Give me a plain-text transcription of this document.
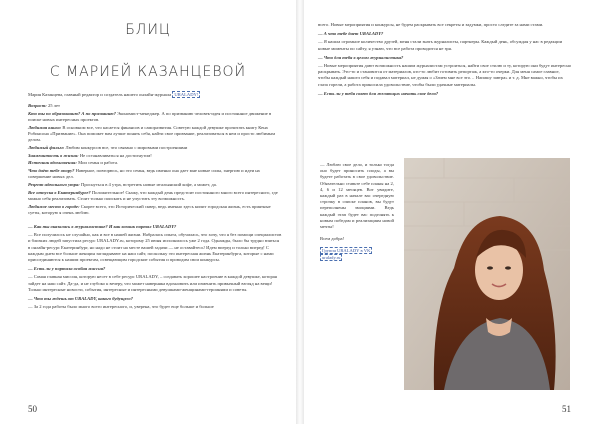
БЛИЦ
С МАРИЕЙ КАЗАНЦЕВОЙ

Мария Казанцева, главный редактор и создатель нашего онлайн-журнала URALADY!

Возраст: 25 лет

Кто ты по образованию? А по призванию? Экономист-менеджер. А по призванию человек-идея и постоянное движение в поиске новых интересных проектов.

Любимая книга: В основном все, что касается финансов и саморазвития. Советую каждой девушке прочитать книгу Кена Робинсона «Призвание». Она поможет вам лучше понять себя, найти свое призвание, реализоваться в нем и просто любимым делом.

Любимый фильм: Любим конкурсов все, что связано с мировыми построениями

Знаменитость в жизни: Не останавливаться на достигнутом!

Источник вдохновения: Мои семья и работа.

Что даёт тебе опору? Наверное, повторюсь, но это семья, ведь именно она дает мне новые силы, энергию и идеи на совершение новых дел.

Рецепт идеального утра: Проснуться в 4 утра, встретить новые итальянский кофе, а может, да.

Все отпуска в Екатеринбурге? Положительное! Скажу, что каждый день предстоит постоянного много всего интересного, где можно себя реализовать. Стоит только поискать и не упустить эту возможность.

Любимое место в городе: Скорее всего, это Исторический сквер, ведь именно здесь кипит городская жизнь, есть приятные суеты, которую я очень люблю.

— Как ты оказалась в журналистике? И как возник портал URALADY?

— Все получилось не случайно, как и все в нашей жизни. Набралась опыта, обучилась, что хочу, что я без помощи специалистов и близких людей запустила ресурс URALADY.ru, которому 25 июня исполнилось уже 2 года. Однажды, было бы трудно взяться в онлайн-ресурс Екатеринбург, но надо не стоит на месте вашей задачи — не оставайтесь! Идем вперед и только вперед! С каждым днем все больше женщин заглядывают на наш сайт, поскольку это интересная жизнь Екатеринбурга, которые с нами присоединяются к нашим проектам, освещающим городские события и проводим свои конкурсы.

— Есть ли у портала особая миссия?

— Самая главная миссия, которую несет в себе ресурс URALADY, – создавать хорошее настроение в каждой девушке, которая зайдет на наш сайт. Да-да, и не глубоко к вечеру, что может наверняка вдохновить или изменить привычный взгляд на вещи! Только интересные новости, события, интересные и интересными девушками-женщинами-героинями и советы.

— Что ты ждешь от URALADY, какого будущего?

— За 2 года работы было много всего интересного, и, уверена, что будет еще больше и больше

50

всего. Новые мероприятия и конкурсы, не будем раскрывать все секреты и задумки, просто следите за нами стами.

— А что тебе дает URALADY?

— Я нашла огромное количество друзей, меня стали знать журналисты, партнеры. Каждый день, обсуждая у нас в редакции новые моменты по сайту, я узнаю, что все работа проводится не зря.

— Что для тебя в целом журналистика?

— Новые мероприятия дают возможность нашим журналистам устроиться, найти свое стилю и ту, которую они будут интересно раскрывать. Это-то и становится от материалов, кто-то любит готовить репортаж, а кто-то очерки. Для меня самое главное, чтобы каждый нашел себя и подавал материал, не думая о «Зачем мне все это… Напишу завтра» и т. д. Мне важно, чтобы их глаза горели, а работа приносила удовольствие, чтобы были удачные материалы.

— Есть ли у тебя совет для желающих начать свое дело?

51

— Люблю свое дело, и только тогда оно будет приносить плоды, а вы будете работать в свое удовольствие. Обязательно ставьте себе планы на 2, 4, 6 и 12 месяцев. Вот увидите, каждый раз в начале вас очередную строчку в списке планов, вы будут переполнены эмоциями. Ведь каждый этап будет вас подгонять к новым победам и реализациям новой мечты!

Всем добра!

Группа URALADY в VK
uralady.ru
